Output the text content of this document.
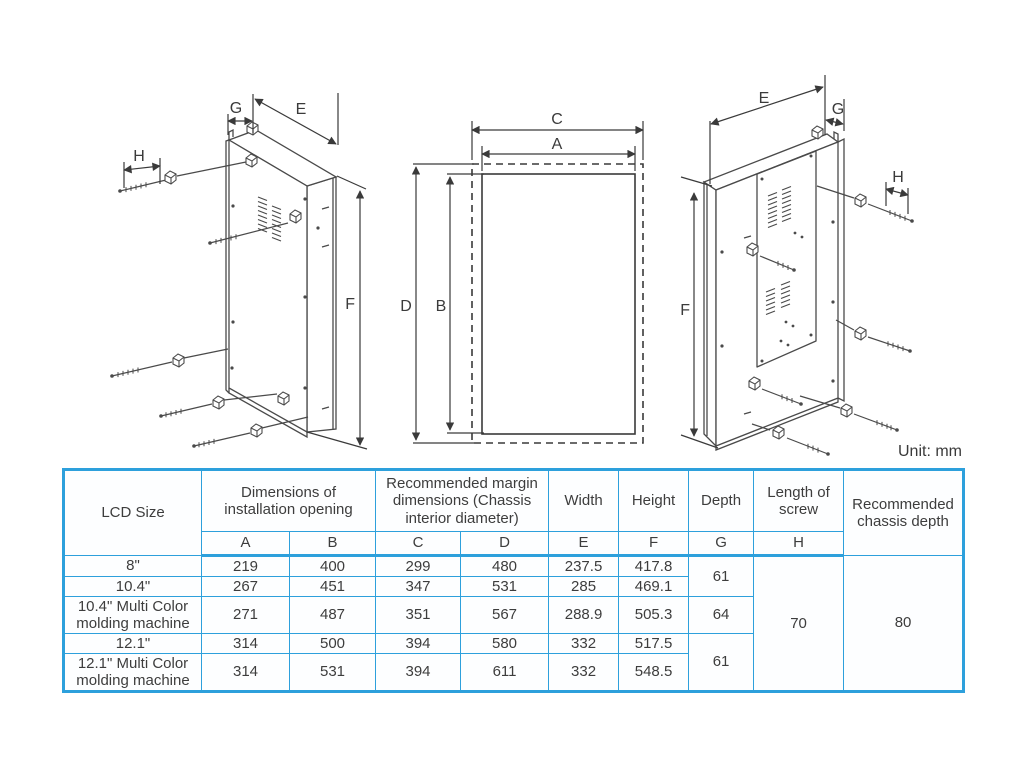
G	E
H
F
C
A
D B
E
G
H
F
Unit: mm
LCD Size	Dimensions of installation opening		Recommended margin dimensions (Chassis interior diameter)		Width	Height	Depth	Length of screw	Recommended chassis depth
	A	B	C	D	E	F	G	H	
8"	219	400	299	480	237.5	417.8	61	70	80
10.4"	267	451	347	531	285	469.1			
10.4" Multi Color molding machine	271	487	351	567	288.9	505.3	64		
12.1"	314	500	394	580	332	517.5	61		
12.1" Multi Color molding machine	314	531	394	611	332	548.5			
